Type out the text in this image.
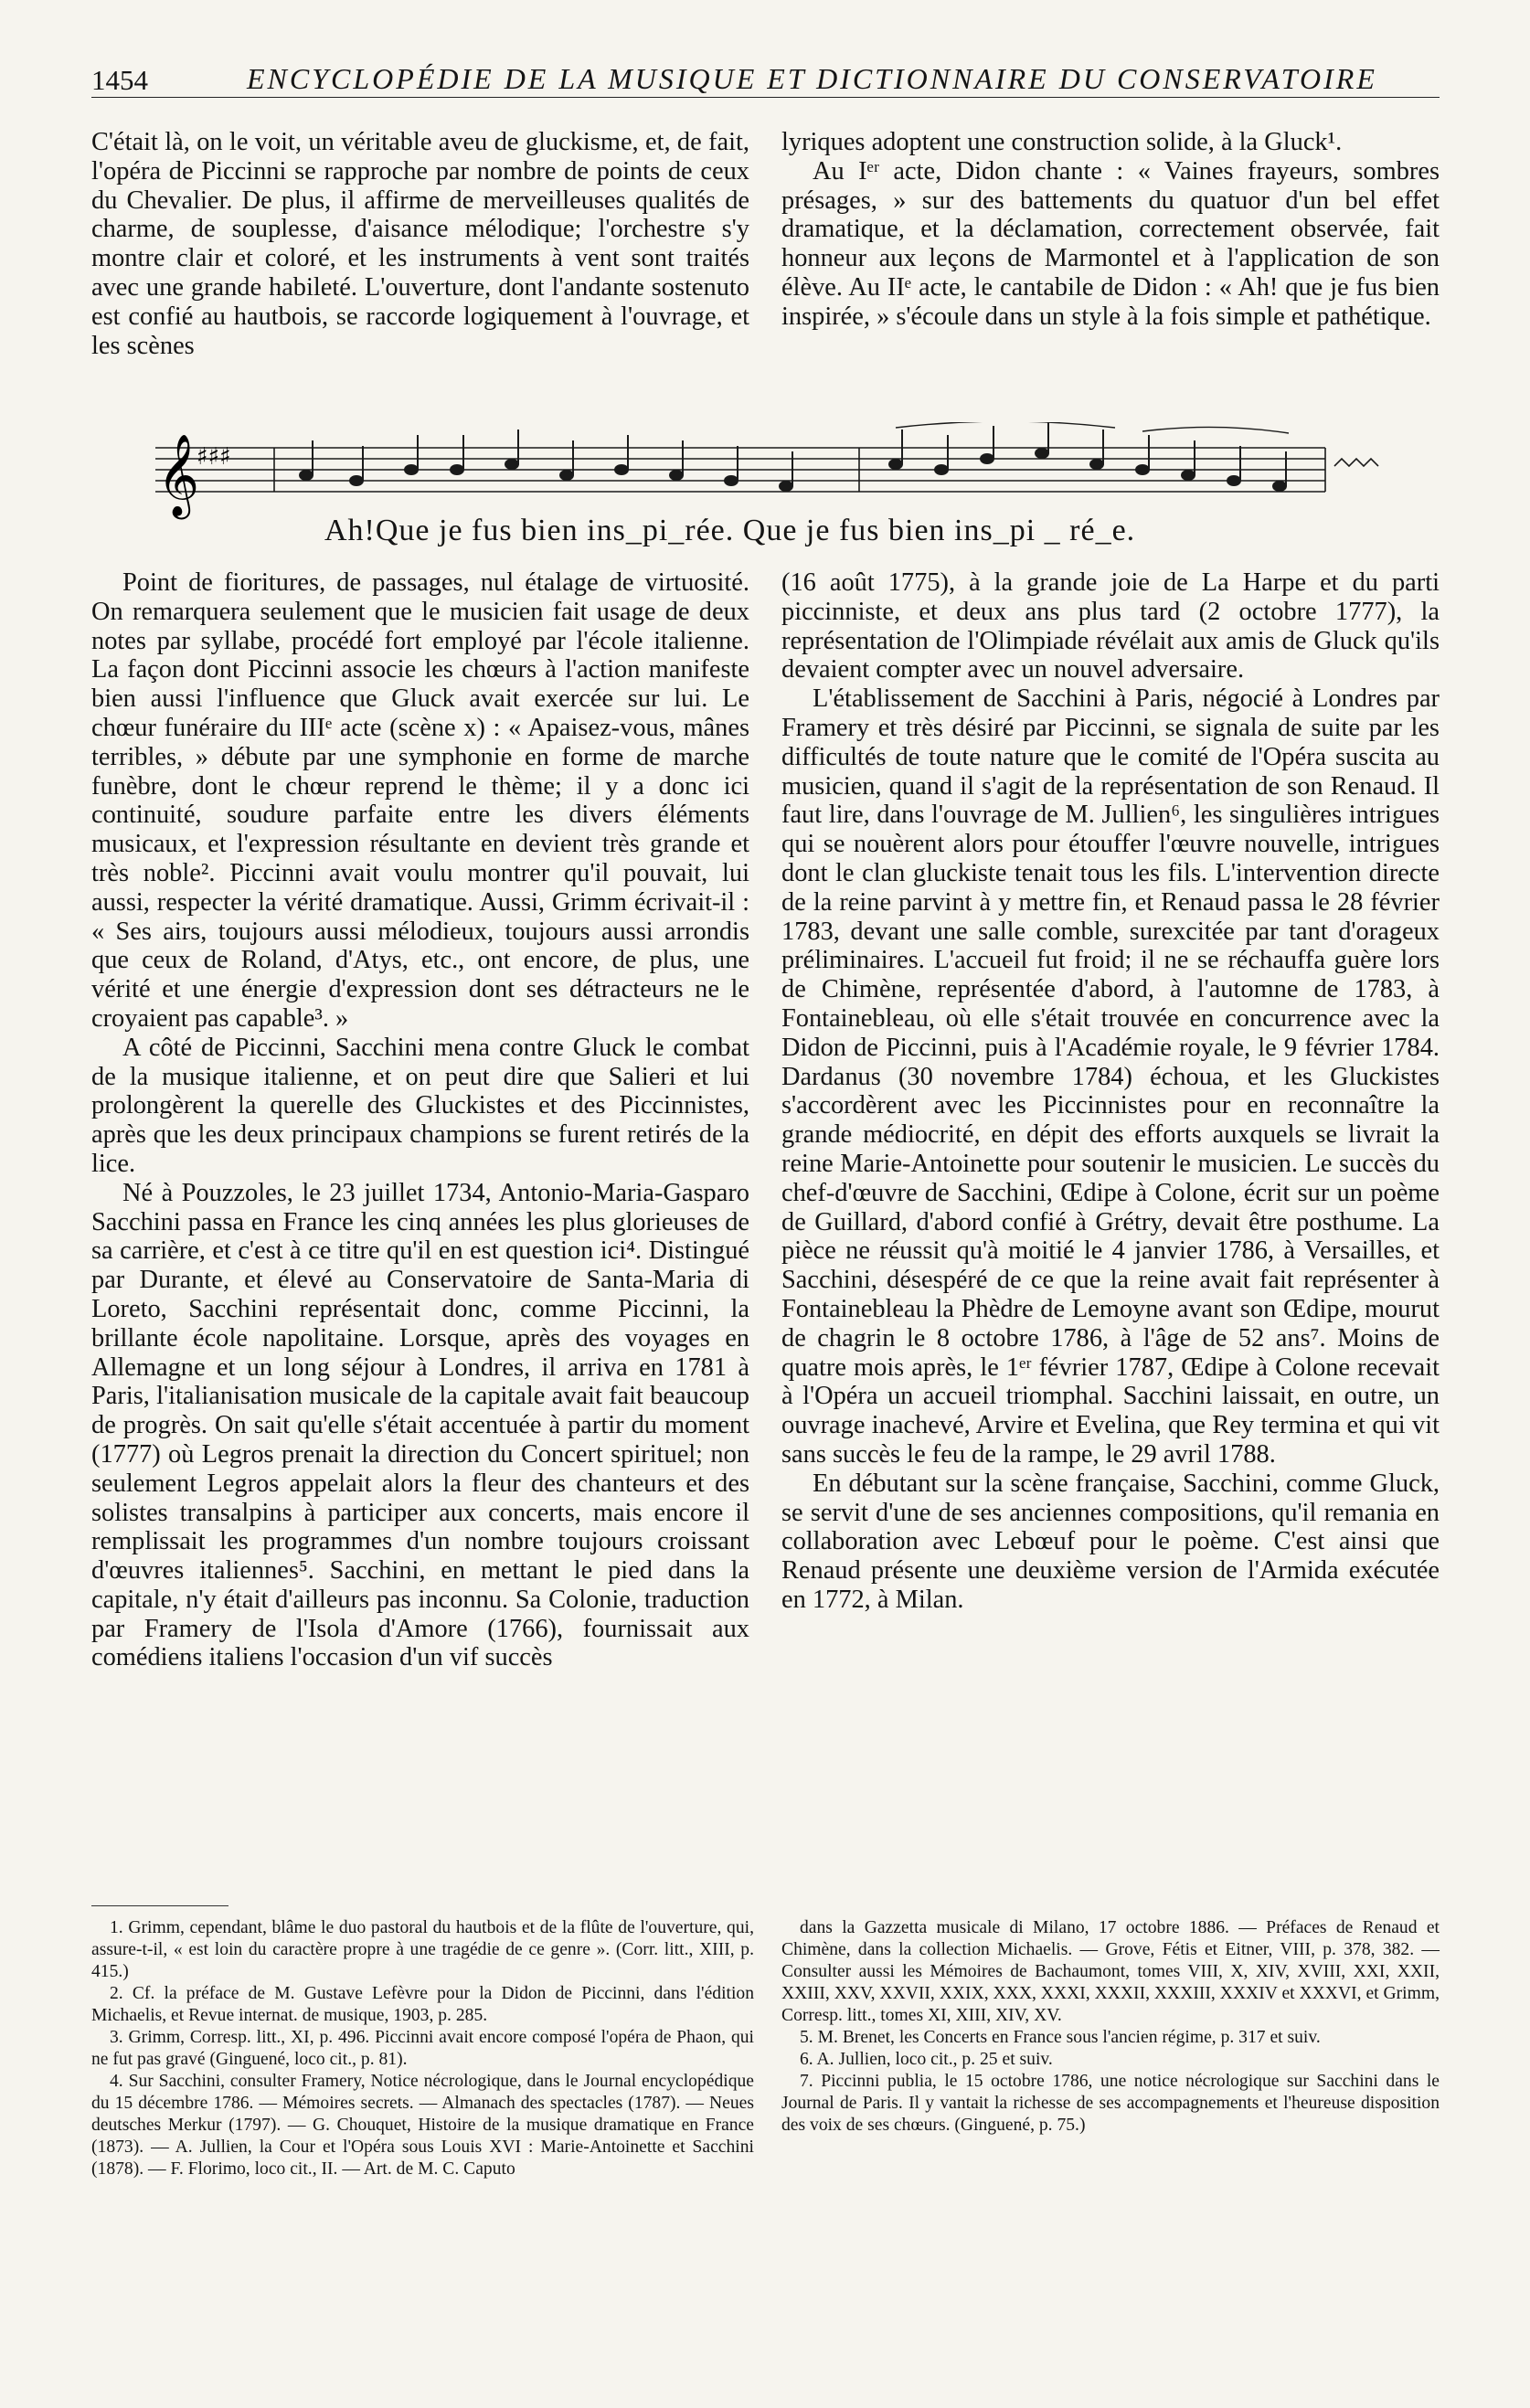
1454	ENCYCLOPÉDIE DE LA MUSIQUE ET DICTIONNAIRE DU CONSERVATOIRE

C'était là, on le voit, un véritable aveu de gluckisme, et, de fait, l'opéra de Piccinni se rapproche par nombre de points de ceux du Chevalier. De plus, il affirme de merveilleuses qualités de charme, de souplesse, d'aisance mélodique; l'orchestre s'y montre clair et coloré, et les instruments à vent sont traités avec une grande habileté. L'ouverture, dont l'andante sostenuto est confié au hautbois, se raccorde logiquement à l'ouvrage, et les scènes

lyriques adoptent une construction solide, à la Gluck¹.

Au Iᵉʳ acte, Didon chante : « Vaines frayeurs, sombres présages, » sur des battements du quatuor d'un bel effet dramatique, et la déclamation, correctement observée, fait honneur aux leçons de Marmontel et à l'application de son élève. Au IIᵉ acte, le cantabile de Didon : « Ah! que je fus bien inspirée, » s'écoule dans un style à la fois simple et pathétique.

𝄞
♯♯♯
Ah!Que je fus bien ins_pi_rée. Que je fus bien ins_pi _ ré_e.

Point de fioritures, de passages, nul étalage de virtuosité. On remarquera seulement que le musicien fait usage de deux notes par syllabe, procédé fort employé par l'école italienne. La façon dont Piccinni associe les chœurs à l'action manifeste bien aussi l'influence que Gluck avait exercée sur lui. Le chœur funéraire du IIIᵉ acte (scène x) : « Apaisez-vous, mânes terribles, » débute par une symphonie en forme de marche funèbre, dont le chœur reprend le thème; il y a donc ici continuité, soudure parfaite entre les divers éléments musicaux, et l'expression résultante en devient très grande et très noble². Piccinni avait voulu montrer qu'il pouvait, lui aussi, respecter la vérité dramatique. Aussi, Grimm écrivait-il : « Ses airs, toujours aussi mélodieux, toujours aussi arrondis que ceux de Roland, d'Atys, etc., ont encore, de plus, une vérité et une énergie d'expression dont ses détracteurs ne le croyaient pas capable³. »

A côté de Piccinni, Sacchini mena contre Gluck le combat de la musique italienne, et on peut dire que Salieri et lui prolongèrent la querelle des Gluckistes et des Piccinnistes, après que les deux principaux champions se furent retirés de la lice.

Né à Pouzzoles, le 23 juillet 1734, Antonio-Maria-Gasparo Sacchini passa en France les cinq années les plus glorieuses de sa carrière, et c'est à ce titre qu'il en est question ici⁴. Distingué par Durante, et élevé au Conservatoire de Santa-Maria di Loreto, Sacchini représentait donc, comme Piccinni, la brillante école napolitaine. Lorsque, après des voyages en Allemagne et un long séjour à Londres, il arriva en 1781 à Paris, l'italianisation musicale de la capitale avait fait beaucoup de progrès. On sait qu'elle s'était accentuée à partir du moment (1777) où Legros prenait la direction du Concert spirituel; non seulement Legros appelait alors la fleur des chanteurs et des solistes transalpins à participer aux concerts, mais encore il remplissait les programmes d'un nombre toujours croissant d'œuvres italiennes⁵. Sacchini, en mettant le pied dans la capitale, n'y était d'ailleurs pas inconnu. Sa Colonie, traduction par Framery de l'Isola d'Amore (1766), fournissait aux comédiens italiens l'occasion d'un vif succès

(16 août 1775), à la grande joie de La Harpe et du parti piccinniste, et deux ans plus tard (2 octobre 1777), la représentation de l'Olimpiade révélait aux amis de Gluck qu'ils devaient compter avec un nouvel adversaire.

L'établissement de Sacchini à Paris, négocié à Londres par Framery et très désiré par Piccinni, se signala de suite par les difficultés de toute nature que le comité de l'Opéra suscita au musicien, quand il s'agit de la représentation de son Renaud. Il faut lire, dans l'ouvrage de M. Jullien⁶, les singulières intrigues qui se nouèrent alors pour étouffer l'œuvre nouvelle, intrigues dont le clan gluckiste tenait tous les fils. L'intervention directe de la reine parvint à y mettre fin, et Renaud passa le 28 février 1783, devant une salle comble, surexcitée par tant d'orageux préliminaires. L'accueil fut froid; il ne se réchauffa guère lors de Chimène, représentée d'abord, à l'automne de 1783, à Fontainebleau, où elle s'était trouvée en concurrence avec la Didon de Piccinni, puis à l'Académie royale, le 9 février 1784. Dardanus (30 novembre 1784) échoua, et les Gluckistes s'accordèrent avec les Piccinnistes pour en reconnaître la grande médiocrité, en dépit des efforts auxquels se livrait la reine Marie-Antoinette pour soutenir le musicien. Le succès du chef-d'œuvre de Sacchini, Œdipe à Colone, écrit sur un poème de Guillard, d'abord confié à Grétry, devait être posthume. La pièce ne réussit qu'à moitié le 4 janvier 1786, à Versailles, et Sacchini, désespéré de ce que la reine avait fait représenter à Fontainebleau la Phèdre de Lemoyne avant son Œdipe, mourut de chagrin le 8 octobre 1786, à l'âge de 52 ans⁷. Moins de quatre mois après, le 1ᵉʳ février 1787, Œdipe à Colone recevait à l'Opéra un accueil triomphal. Sacchini laissait, en outre, un ouvrage inachevé, Arvire et Evelina, que Rey termina et qui vit sans succès le feu de la rampe, le 29 avril 1788.

En débutant sur la scène française, Sacchini, comme Gluck, se servit d'une de ses anciennes compositions, qu'il remania en collaboration avec Lebœuf pour le poème. C'est ainsi que Renaud présente une deuxième version de l'Armida exécutée en 1772, à Milan.

1. Grimm, cependant, blâme le duo pastoral du hautbois et de la flûte de l'ouverture, qui, assure-t-il, « est loin du caractère propre à une tragédie de ce genre ». (Corr. litt., XIII, p. 415.)

2. Cf. la préface de M. Gustave Lefèvre pour la Didon de Piccinni, dans l'édition Michaelis, et Revue internat. de musique, 1903, p. 285.

3. Grimm, Corresp. litt., XI, p. 496. Piccinni avait encore composé l'opéra de Phaon, qui ne fut pas gravé (Ginguené, loco cit., p. 81).

4. Sur Sacchini, consulter Framery, Notice nécrologique, dans le Journal encyclopédique du 15 décembre 1786. — Mémoires secrets. — Almanach des spectacles (1787). — Neues deutsches Merkur (1797). — G. Chouquet, Histoire de la musique dramatique en France (1873). — A. Jullien, la Cour et l'Opéra sous Louis XVI : Marie-Antoinette et Sacchini (1878). — F. Florimo, loco cit., II. — Art. de M. C. Caputo

dans la Gazzetta musicale di Milano, 17 octobre 1886. — Préfaces de Renaud et Chimène, dans la collection Michaelis. — Grove, Fétis et Eitner, VIII, p. 378, 382. — Consulter aussi les Mémoires de Bachaumont, tomes VIII, X, XIV, XVIII, XXI, XXII, XXIII, XXV, XXVII, XXIX, XXX, XXXI, XXXII, XXXIII, XXXIV et XXXVI, et Grimm, Corresp. litt., tomes XI, XIII, XIV, XV.

5. M. Brenet, les Concerts en France sous l'ancien régime, p. 317 et suiv.

6. A. Jullien, loco cit., p. 25 et suiv.

7. Piccinni publia, le 15 octobre 1786, une notice nécrologique sur Sacchini dans le Journal de Paris. Il y vantait la richesse de ses accompagnements et l'heureuse disposition des voix de ses chœurs. (Ginguené, p. 75.)
